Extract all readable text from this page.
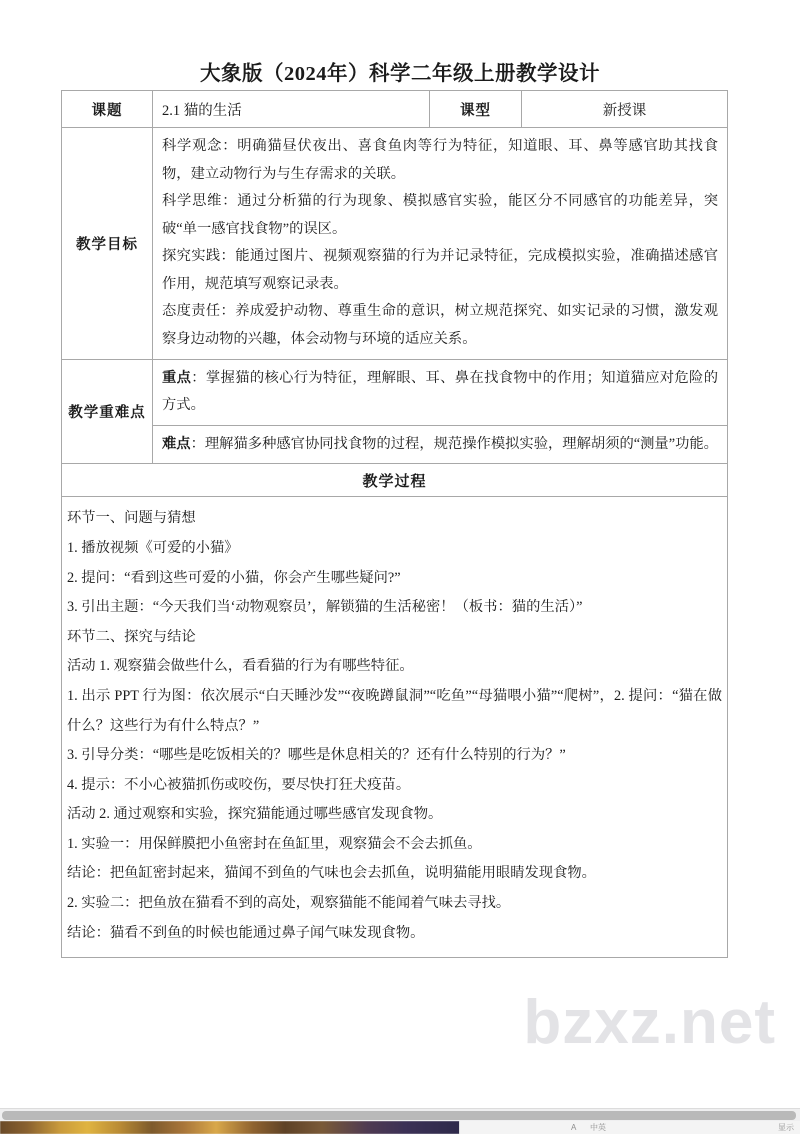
bzxz.net
大象版（2024年）科学二年级上册教学设计
课题	2.1 猫的生活	课型	新授课
教学目标	科学观念：明确猫昼伏夜出、喜食鱼肉等行为特征，知道眼、耳、鼻等感官助其找食物，建立动物行为与生存需求的关联。

科学思维：通过分析猫的行为现象、模拟感官实验，能区分不同感官的功能差异，突破“单一感官找食物”的误区。

探究实践：能通过图片、视频观察猫的行为并记录特征，完成模拟实验，准确描述感官作用，规范填写观察记录表。

态度责任：养成爱护动物、尊重生命的意识，树立规范探究、如实记录的习惯，激发观察身边动物的兴趣，体会动物与环境的适应关系。		

教学重难点	重点：掌握猫的核心行为特征，理解眼、耳、鼻在找食物中的作用；知道猫应对危险的方式。

难点：理解猫多种感官协同找食物的过程，规范操作模拟实验，理解胡须的“测量”功能。		

教学过程			

环节一、问题与猜想

1. 播放视频《可爱的小猫》

2. 提问：“看到这些可爱的小猫，你会产生哪些疑问?”

3. 引出主题：“今天我们当‘动物观察员’，解锁猫的生活秘密！（板书：猫的生活）”

环节二、探究与结论

活动 1. 观察猫会做些什么，看看猫的行为有哪些特征。

1. 出示 PPT 行为图：依次展示“白天睡沙发”“夜晚蹲鼠洞”“吃鱼”“母猫喂小猫”“爬树”，2. 提问：“猫在做什么？这些行为有什么特点？”

3. 引导分类：“哪些是吃饭相关的？哪些是休息相关的？还有什么特别的行为？”

4. 提示：不小心被猫抓伤或咬伤，要尽快打狂犬疫苗。

活动 2. 通过观察和实验，探究猫能通过哪些感官发现食物。

1. 实验一：用保鲜膜把小鱼密封在鱼缸里，观察猫会不会去抓鱼。

结论：把鱼缸密封起来，猫闻不到鱼的气味也会去抓鱼，说明猫能用眼睛发现食物。

2. 实验二：把鱼放在猫看不到的高处，观察猫能不能闻着气味去寻找。

结论：猫看不到鱼的时候也能通过鼻子闻气味发现食物。

A 中英	显示
